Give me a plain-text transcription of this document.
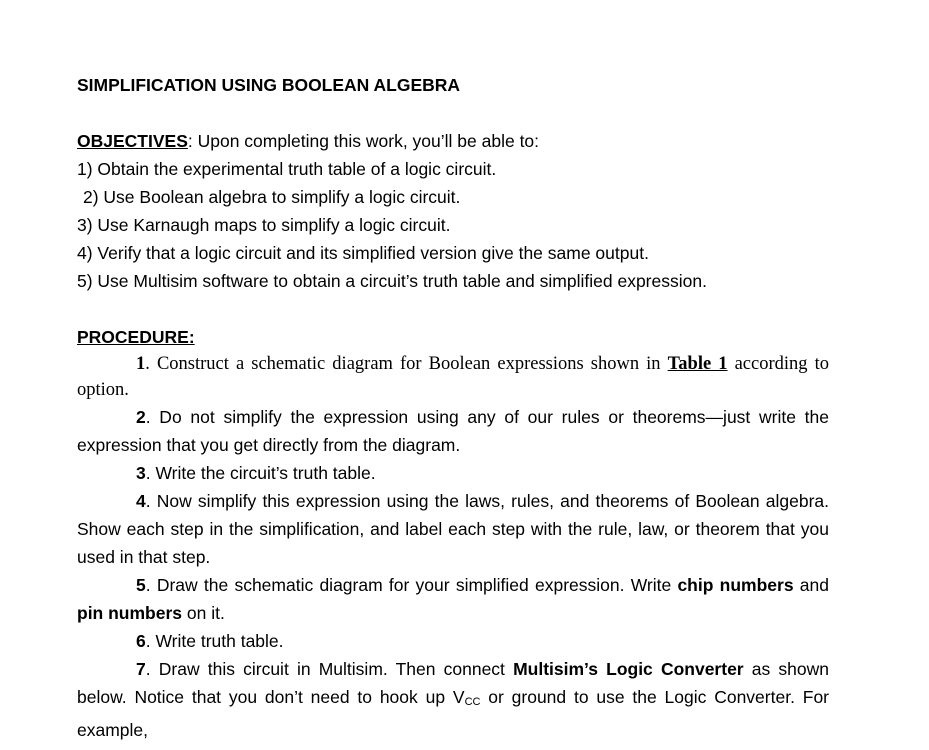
SIMPLIFICATION USING BOOLEAN ALGEBRA
OBJECTIVES: Upon completing this work, you’ll be able to:
1) Obtain the experimental truth table of a logic circuit.
2) Use Boolean algebra to simplify a logic circuit.
3) Use Karnaugh maps to simplify a logic circuit.
4) Verify that a logic circuit and its simplified version give the same output.
5) Use Multisim software to obtain a circuit’s truth table and simplified expression.
PROCEDURE:
1. Construct a schematic diagram for Boolean expressions shown in Table 1 according to option.
2. Do not simplify the expression using any of our rules or theorems—just write the expression that you get directly from the diagram.
3. Write the circuit’s truth table.
4. Now simplify this expression using the laws, rules, and theorems of Boolean algebra. Show each step in the simplification, and label each step with the rule, law, or theorem that you used in that step.
5. Draw the schematic diagram for your simplified expression. Write chip numbers and pin numbers on it.
6. Write truth table.
7. Draw this circuit in Multisim. Then connect Multisim’s Logic Converter as shown below. Notice that you don’t need to hook up VCC or ground to use the Logic Converter. For example,
